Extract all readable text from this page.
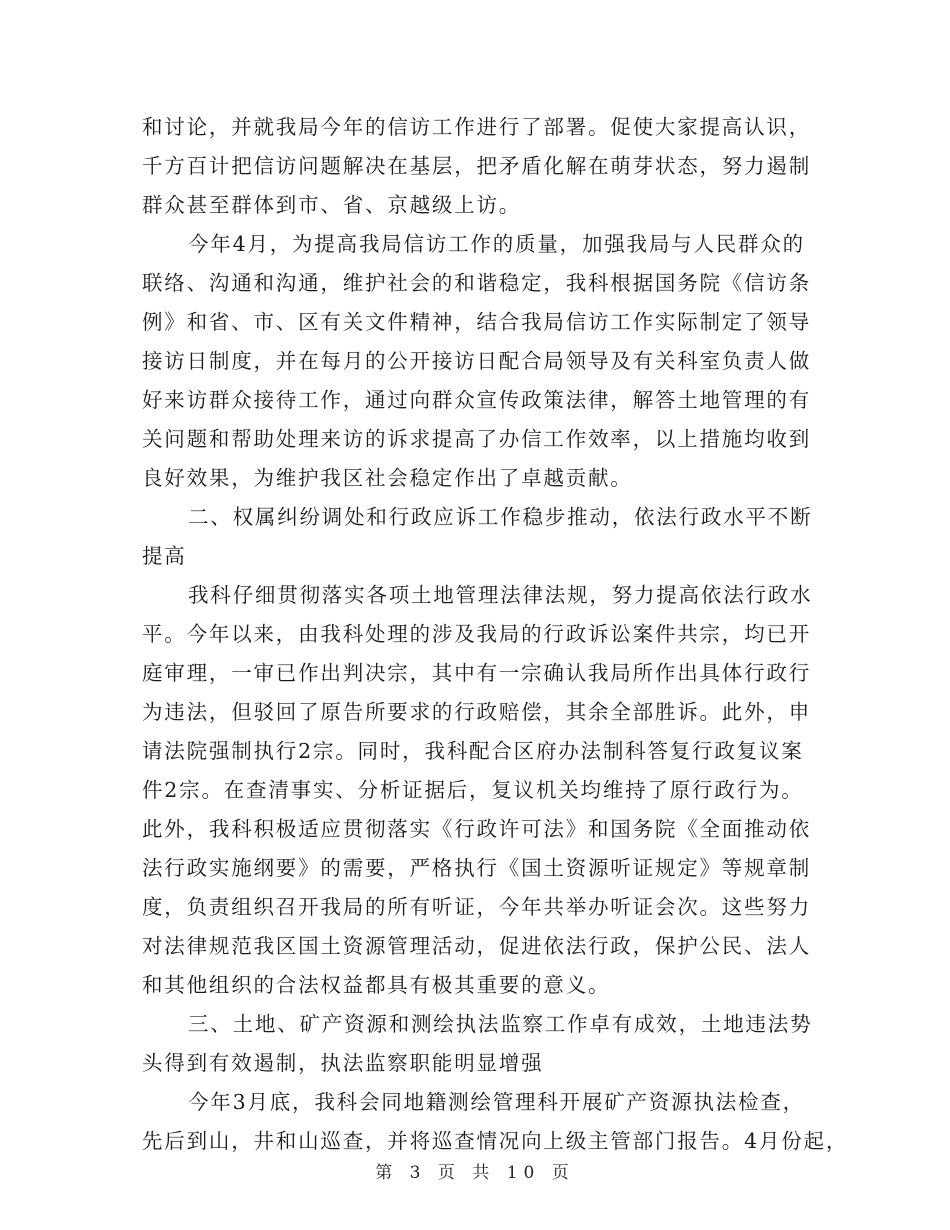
和讨论，并就我局今年的信访工作进行了部署。促使大家提高认识，
千方百计把信访问题解决在基层，把矛盾化解在萌芽状态，努力遏制
群众甚至群体到市、省、京越级上访。
今年4月，为提高我局信访工作的质量，加强我局与人民群众的
联络、沟通和沟通，维护社会的和谐稳定，我科根据国务院《信访条
例》和省、市、区有关文件精神，结合我局信访工作实际制定了领导
接访日制度，并在每月的公开接访日配合局领导及有关科室负责人做
好来访群众接待工作，通过向群众宣传政策法律，解答土地管理的有
关问题和帮助处理来访的诉求提高了办信工作效率，以上措施均收到
良好效果，为维护我区社会稳定作出了卓越贡献。
二、权属纠纷调处和行政应诉工作稳步推动，依法行政水平不断
提高
我科仔细贯彻落实各项土地管理法律法规，努力提高依法行政水
平。今年以来，由我科处理的涉及我局的行政诉讼案件共宗，均已开
庭审理，一审已作出判决宗，其中有一宗确认我局所作出具体行政行
为违法，但驳回了原告所要求的行政赔偿，其余全部胜诉。此外，申
请法院强制执行2宗。同时，我科配合区府办法制科答复行政复议案
件2宗。在查清事实、分析证据后，复议机关均维持了原行政行为。
此外，我科积极适应贯彻落实《行政许可法》和国务院《全面推动依
法行政实施纲要》的需要，严格执行《国土资源听证规定》等规章制
度，负责组织召开我局的所有听证，今年共举办听证会次。这些努力
对法律规范我区国土资源管理活动，促进依法行政，保护公民、法人
和其他组织的合法权益都具有极其重要的意义。
三、土地、矿产资源和测绘执法监察工作卓有成效，土地违法势
头得到有效遏制，执法监察职能明显增强
今年3月底，我科会同地籍测绘管理科开展矿产资源执法检查，
先后到山，井和山巡查，并将巡查情况向上级主管部门报告。4月份起，
第 3 页 共 10 页
